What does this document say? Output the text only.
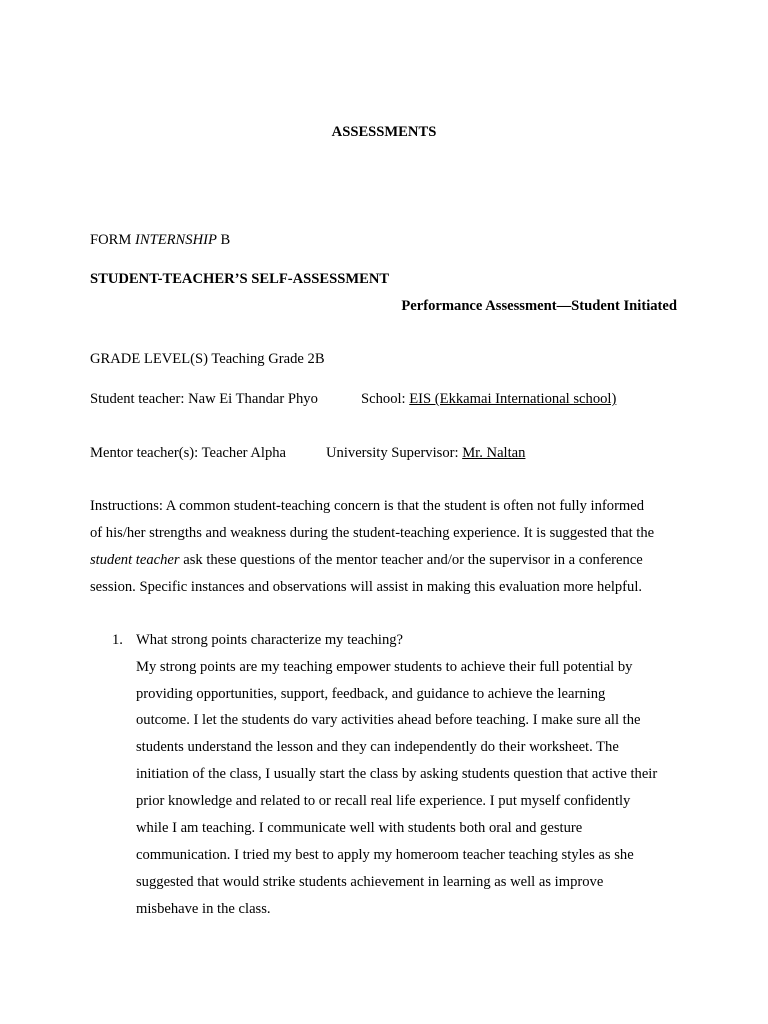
ASSESSMENTS
FORM INTERNSHIP B
STUDENT-TEACHER’S SELF-ASSESSMENT
Performance Assessment—Student Initiated
GRADE LEVEL(S) Teaching Grade 2B
Student teacher: Naw Ei Thandar Phyo	School: EIS (Ekkamai International school)
Mentor teacher(s): Teacher Alpha	University Supervisor: Mr. Naltan
Instructions: A common student-teaching concern is that the student is often not fully informed
of his/her strengths and weakness during the student-teaching experience. It is suggested that the
student teacher ask these questions of the mentor teacher and/or the supervisor in a conference
session. Specific instances and observations will assist in making this evaluation more helpful.
1. What strong points characterize my teaching?
My strong points are my teaching empower students to achieve their full potential by
providing opportunities, support, feedback, and guidance to achieve the learning
outcome. I let the students do vary activities ahead before teaching. I make sure all the
students understand the lesson and they can independently do their worksheet. The
initiation of the class, I usually start the class by asking students question that active their
prior knowledge and related to or recall real life experience. I put myself confidently
while I am teaching. I communicate well with students both oral and gesture
communication. I tried my best to apply my homeroom teacher teaching styles as she
suggested that would strike students achievement in learning as well as improve
misbehave in the class.
